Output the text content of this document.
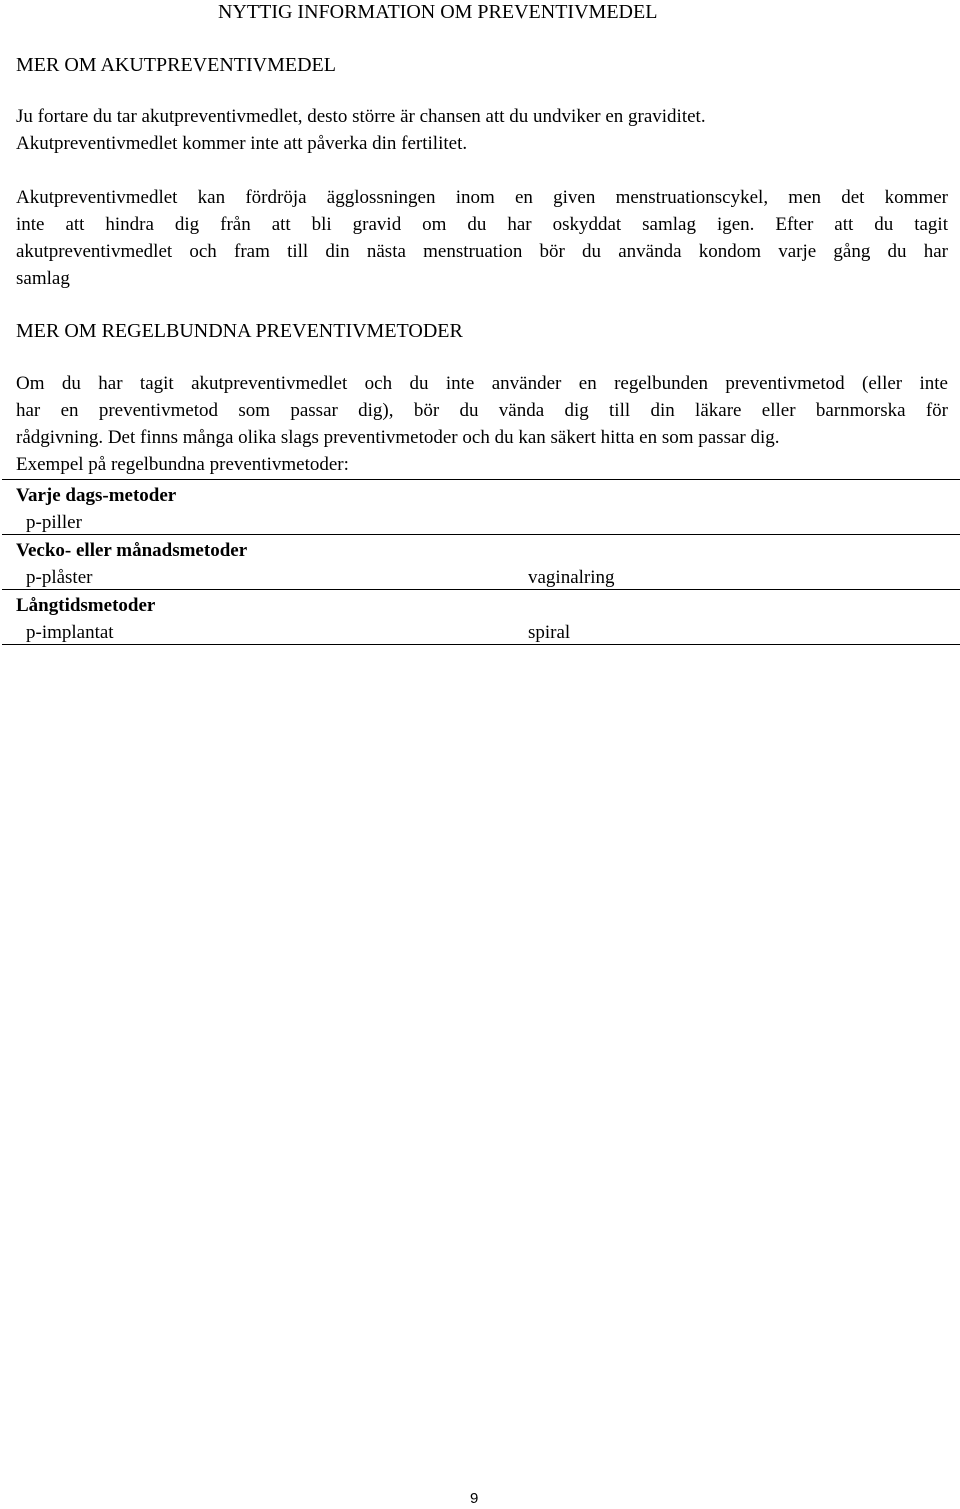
NYTTIG INFORMATION OM PREVENTIVMEDEL
MER OM AKUTPREVENTIVMEDEL
Ju fortare du tar akutpreventivmedlet, desto större är chansen att du undviker en graviditet.
Akutpreventivmedlet kommer inte att påverka din fertilitet.
Akutpreventivmedlet kan fördröja ägglossningen inom en given menstruationscykel, men det kommer
inte att hindra dig från att bli gravid om du har oskyddat samlag igen. Efter att du tagit
akutpreventivmedlet och fram till din nästa menstruation bör du använda kondom varje gång du har
samlag
MER OM REGELBUNDNA PREVENTIVMETODER
Om du har tagit akutpreventivmedlet och du inte använder en regelbunden preventivmetod (eller inte
har en preventivmetod som passar dig), bör du vända dig till din läkare eller barnmorska för
rådgivning. Det finns många olika slags preventivmetoder och du kan säkert hitta en som passar dig.
Exempel på regelbundna preventivmetoder:
Varje dags-metoder	
p-piller	
Vecko- eller månadsmetoder	
p-plåster	vaginalring
Långtidsmetoder	
p-implantat	spiral
9
